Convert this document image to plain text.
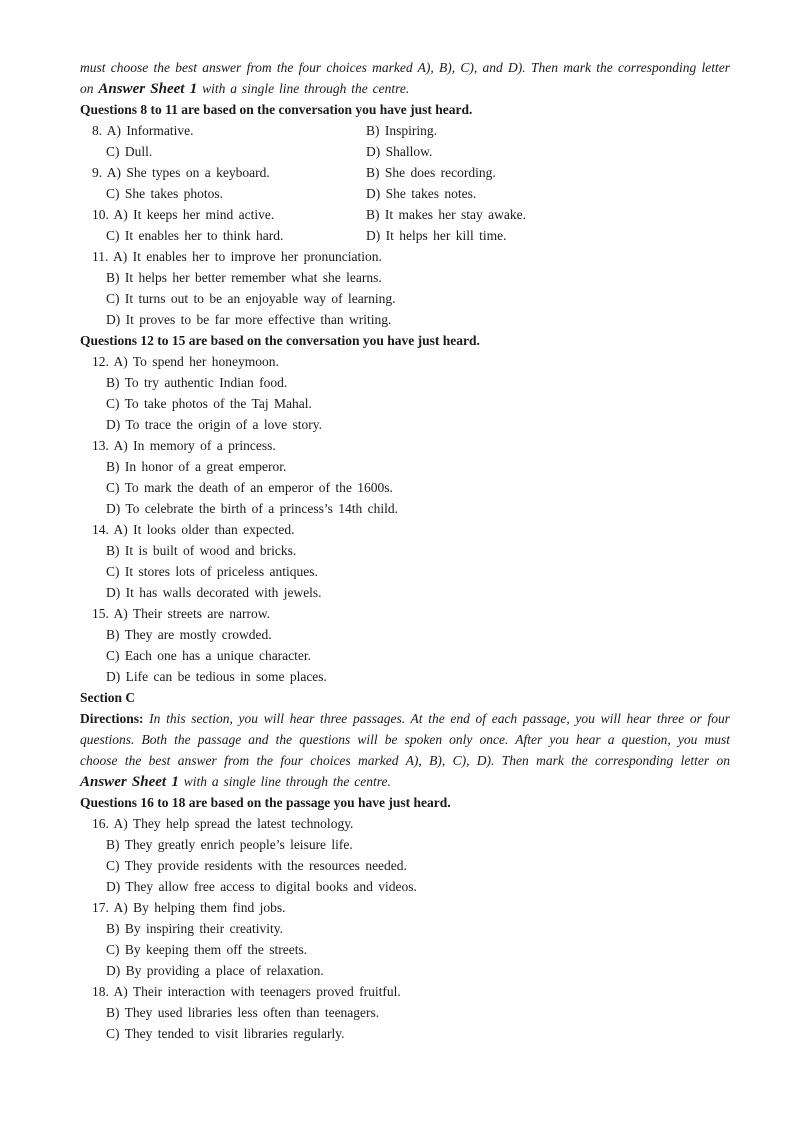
must choose the best answer from the four choices marked A), B), C), and D). Then mark the corresponding letter
on Answer Sheet 1 with a single line through the centre.
Questions 8 to 11 are based on the conversation you have just heard.
8. A) Informative.	B) Inspiring.
C) Dull.	D) Shallow.
9. A) She types on a keyboard.	B) She does recording.
C) She takes photos.	D) She takes notes.
10. A) It keeps her mind active.	B) It makes her stay awake.
C) It enables her to think hard.	D) It helps her kill time.
11. A) It enables her to improve her pronunciation.
B) It helps her better remember what she learns.
C) It turns out to be an enjoyable way of learning.
D) It proves to be far more effective than writing.
Questions 12 to 15 are based on the conversation you have just heard.
12. A) To spend her honeymoon.
B) To try authentic Indian food.
C) To take photos of the Taj Mahal.
D) To trace the origin of a love story.
13. A) In memory of a princess.
B) In honor of a great emperor.
C) To mark the death of an emperor of the 1600s.
D) To celebrate the birth of a princess’s 14th child.
14. A) It looks older than expected.
B) It is built of wood and bricks.
C) It stores lots of priceless antiques.
D) It has walls decorated with jewels.
15. A) Their streets are narrow.
B) They are mostly crowded.
C) Each one has a unique character.
D) Life can be tedious in some places.
Section C
Directions: In this section, you will hear three passages. At the end of each passage, you will hear three or four
questions. Both the passage and the questions will be spoken only once. After you hear a question, you must
choose the best answer from the four choices marked A), B), C), D). Then mark the corresponding letter on
Answer Sheet 1 with a single line through the centre.
Questions 16 to 18 are based on the passage you have just heard.
16. A) They help spread the latest technology.
B) They greatly enrich people’s leisure life.
C) They provide residents with the resources needed.
D) They allow free access to digital books and videos.
17. A) By helping them find jobs.
B) By inspiring their creativity.
C) By keeping them off the streets.
D) By providing a place of relaxation.
18. A) Their interaction with teenagers proved fruitful.
B) They used libraries less often than teenagers.
C) They tended to visit libraries regularly.
